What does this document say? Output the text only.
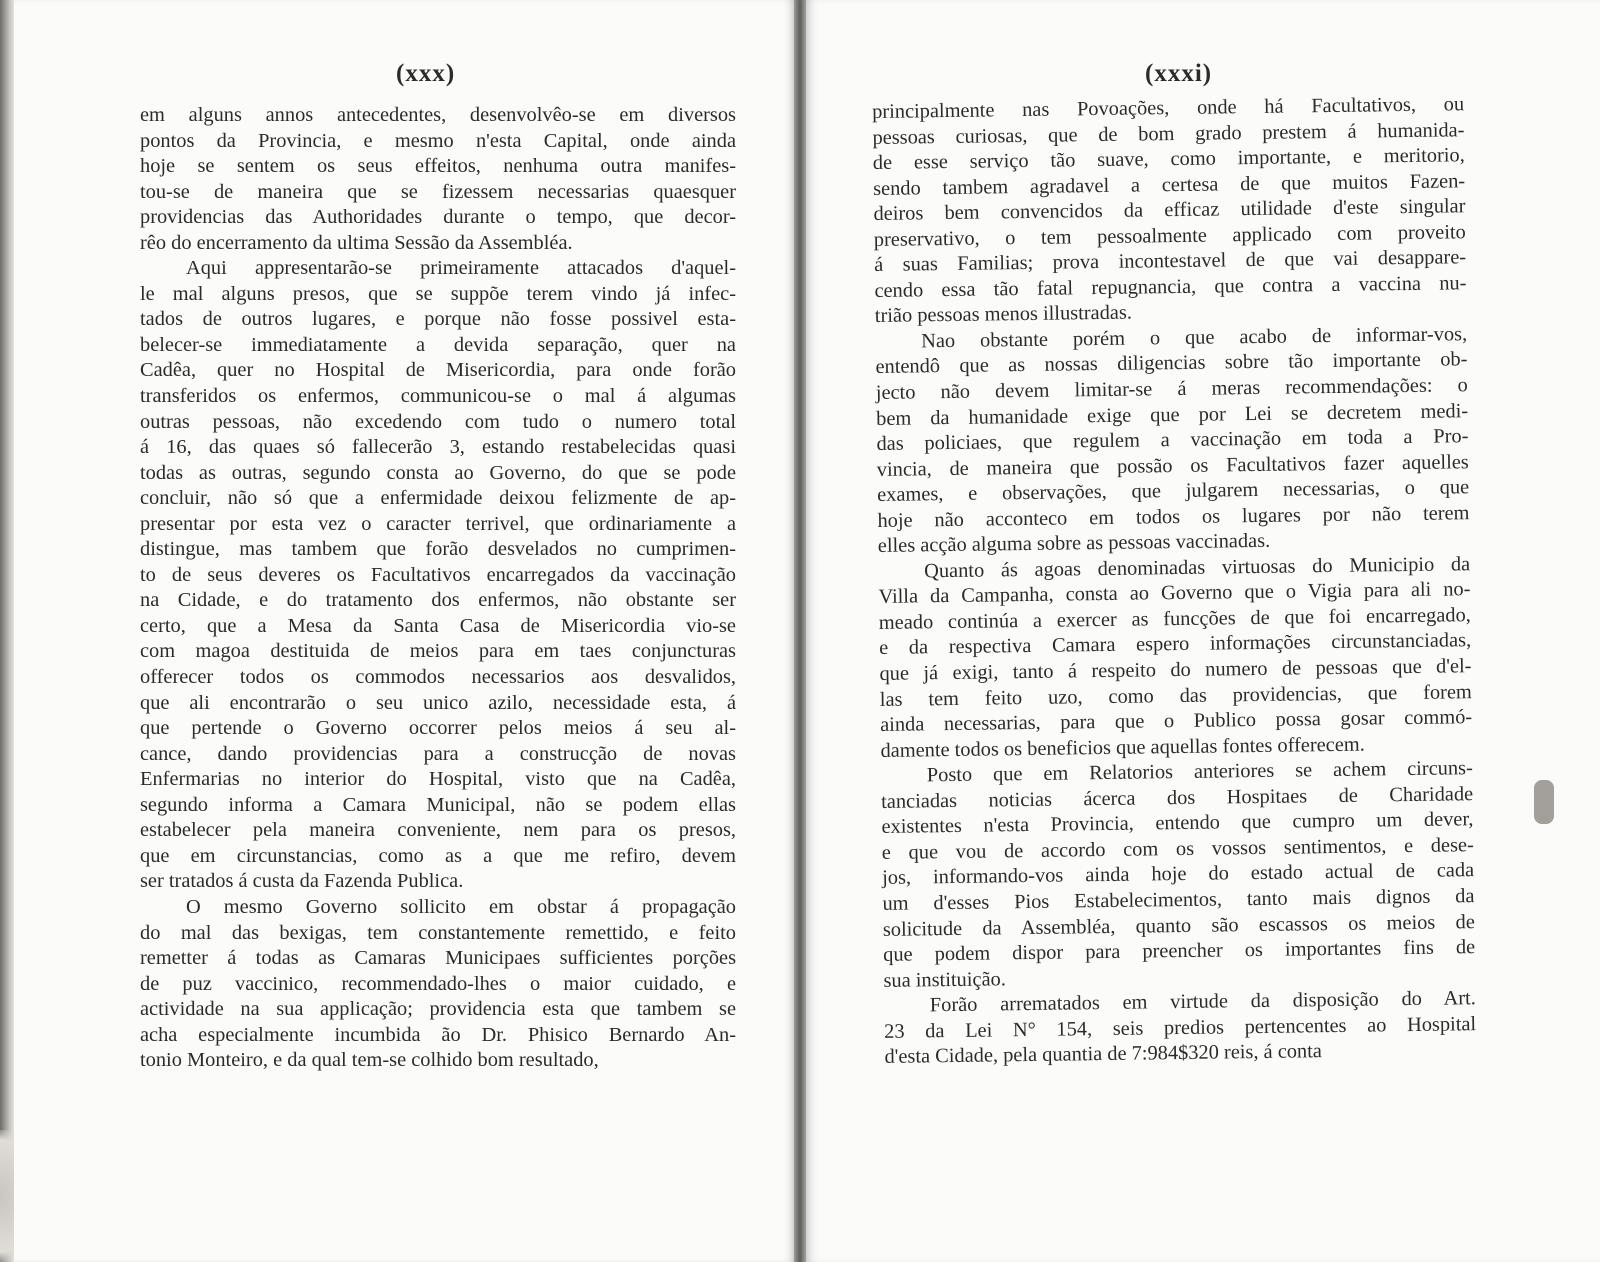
(xxx)	(xxxi)

em alguns annos antecedentes, desenvolvêo-se em diversos
pontos da Provincia, e mesmo n'esta Capital, onde ainda
hoje se sentem os seus effeitos, nenhuma outra manifes-
tou-se de maneira que se fizessem necessarias quaesquer
providencias das Authoridades durante o tempo, que decor-
rêo do encerramento da ultima Sessão da Assembléa.

Aqui appresentarão-se primeiramente attacados d'aquel-
le mal alguns presos, que se suppõe terem vindo já infec-
tados de outros lugares, e porque não fosse possivel esta-
belecer-se immediatamente a devida separação, quer na
Cadêa, quer no Hospital de Misericordia, para onde forão
transferidos os enfermos, communicou-se o mal á algumas
outras pessoas, não excedendo com tudo o numero total
á 16, das quaes só fallecerão 3, estando restabelecidas quasi
todas as outras, segundo consta ao Governo, do que se pode
concluir, não só que a enfermidade deixou felizmente de ap-
presentar por esta vez o caracter terrivel, que ordinariamente a
distingue, mas tambem que forão desvelados no cumprimen-
to de seus deveres os Facultativos encarregados da vaccinação
na Cidade, e do tratamento dos enfermos, não obstante ser
certo, que a Mesa da Santa Casa de Misericordia vio-se
com magoa destituida de meios para em taes conjuncturas
offerecer todos os commodos necessarios aos desvalidos,
que ali encontrarão o seu unico azilo, necessidade esta, á
que pertende o Governo occorrer pelos meios á seu al-
cance, dando providencias para a construcção de novas
Enfermarias no interior do Hospital, visto que na Cadêa,
segundo informa a Camara Municipal, não se podem ellas
estabelecer pela maneira conveniente, nem para os presos,
que em circunstancias, como as a que me refiro, devem
ser tratados á custa da Fazenda Publica.

O mesmo Governo sollicito em obstar á propagação
do mal das bexigas, tem constantemente remettido, e feito
remetter á todas as Camaras Municipaes sufficientes porções
de puz vaccinico, recommendado-lhes o maior cuidado, e
actividade na sua applicação; providencia esta que tambem se
acha especialmente incumbida ão Dr. Phisico Bernardo An-
tonio Monteiro, e da qual tem-se colhido bom resultado,

principalmente nas Povoações, onde há Facultativos, ou
pessoas curiosas, que de bom grado prestem á humanida-
de esse serviço tão suave, como importante, e meritorio,
sendo tambem agradavel a certesa de que muitos Fazen-
deiros bem convencidos da efficaz utilidade d'este singular
preservativo, o tem pessoalmente applicado com proveito
á suas Familias; prova incontestavel de que vai desappare-
cendo essa tão fatal repugnancia, que contra a vaccina nu-
trião pessoas menos illustradas.

Nao obstante porém o que acabo de informar-vos,
entendô que as nossas diligencias sobre tão importante ob-
jecto não devem limitar-se á meras recommendações: o
bem da humanidade exige que por Lei se decretem medi-
das policiaes, que regulem a vaccinação em toda a Pro-
vincia, de maneira que possão os Facultativos fazer aquelles
exames, e observações, que julgarem necessarias, o que
hoje não acconteco em todos os lugares por não terem
elles acção alguma sobre as pessoas vaccinadas.

Quanto ás agoas denominadas virtuosas do Municipio da
Villa da Campanha, consta ao Governo que o Vigia para ali no-
meado continúa a exercer as funcções de que foi encarregado,
e da respectiva Camara espero informações circunstanciadas,
que já exigi, tanto á respeito do numero de pessoas que d'el-
las tem feito uzo, como das providencias, que forem
ainda necessarias, para que o Publico possa gosar commó-
damente todos os beneficios que aquellas fontes offerecem.

Posto que em Relatorios anteriores se achem circuns-
tanciadas noticias ácerca dos Hospitaes de Charidade
existentes n'esta Provincia, entendo que cumpro um dever,
e que vou de accordo com os vossos sentimentos, e dese-
jos, informando-vos ainda hoje do estado actual de cada
um d'esses Pios Estabelecimentos, tanto mais dignos da
solicitude da Assembléa, quanto são escassos os meios de
que podem dispor para preencher os importantes fins de
sua instituição.

Forão arrematados em virtude da disposição do Art.
23 da Lei N° 154, seis predios pertencentes ao Hospital
d'esta Cidade, pela quantia de 7:984$320 reis, á conta
